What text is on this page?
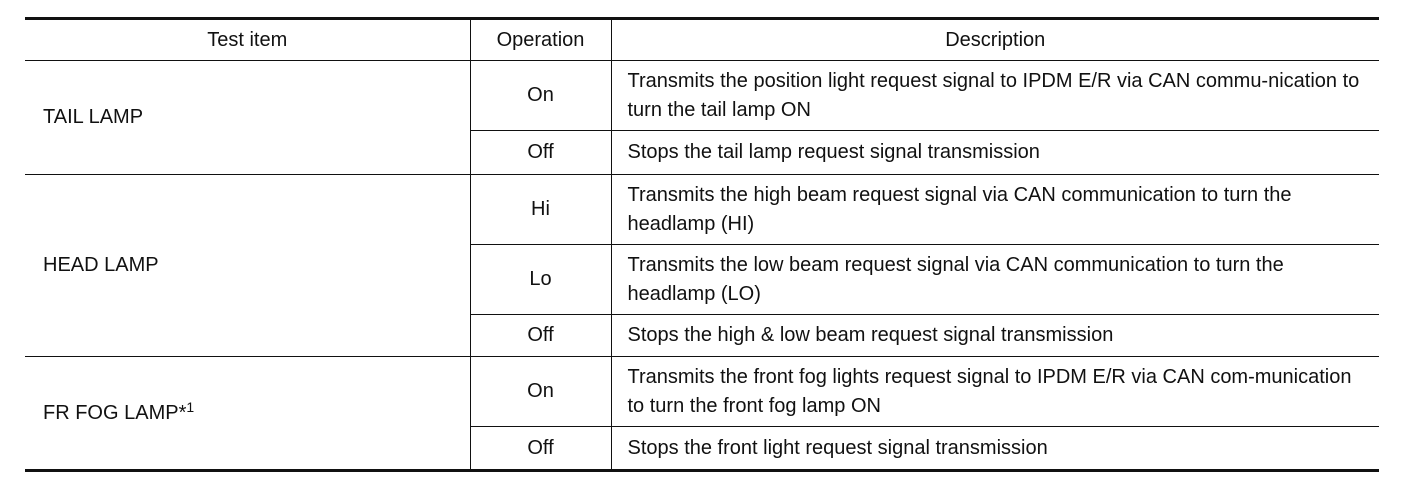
Test item	Operation	Description
TAIL LAMP	On	Transmits the position light request signal to IPDM E/R via CAN commu-nication to turn the tail lamp ON
	Off	Stops the tail lamp request signal transmission
HEAD LAMP	Hi	Transmits the high beam request signal via CAN communication to turn the headlamp (HI)
	Lo	Transmits the low beam request signal via CAN communication to turn the headlamp (LO)
	Off	Stops the high & low beam request signal transmission
FR FOG LAMP*$^1$	On	Transmits the front fog lights request signal to IPDM E/R via CAN com-munication to turn the front fog lamp ON
	Off	Stops the front light request signal transmission
